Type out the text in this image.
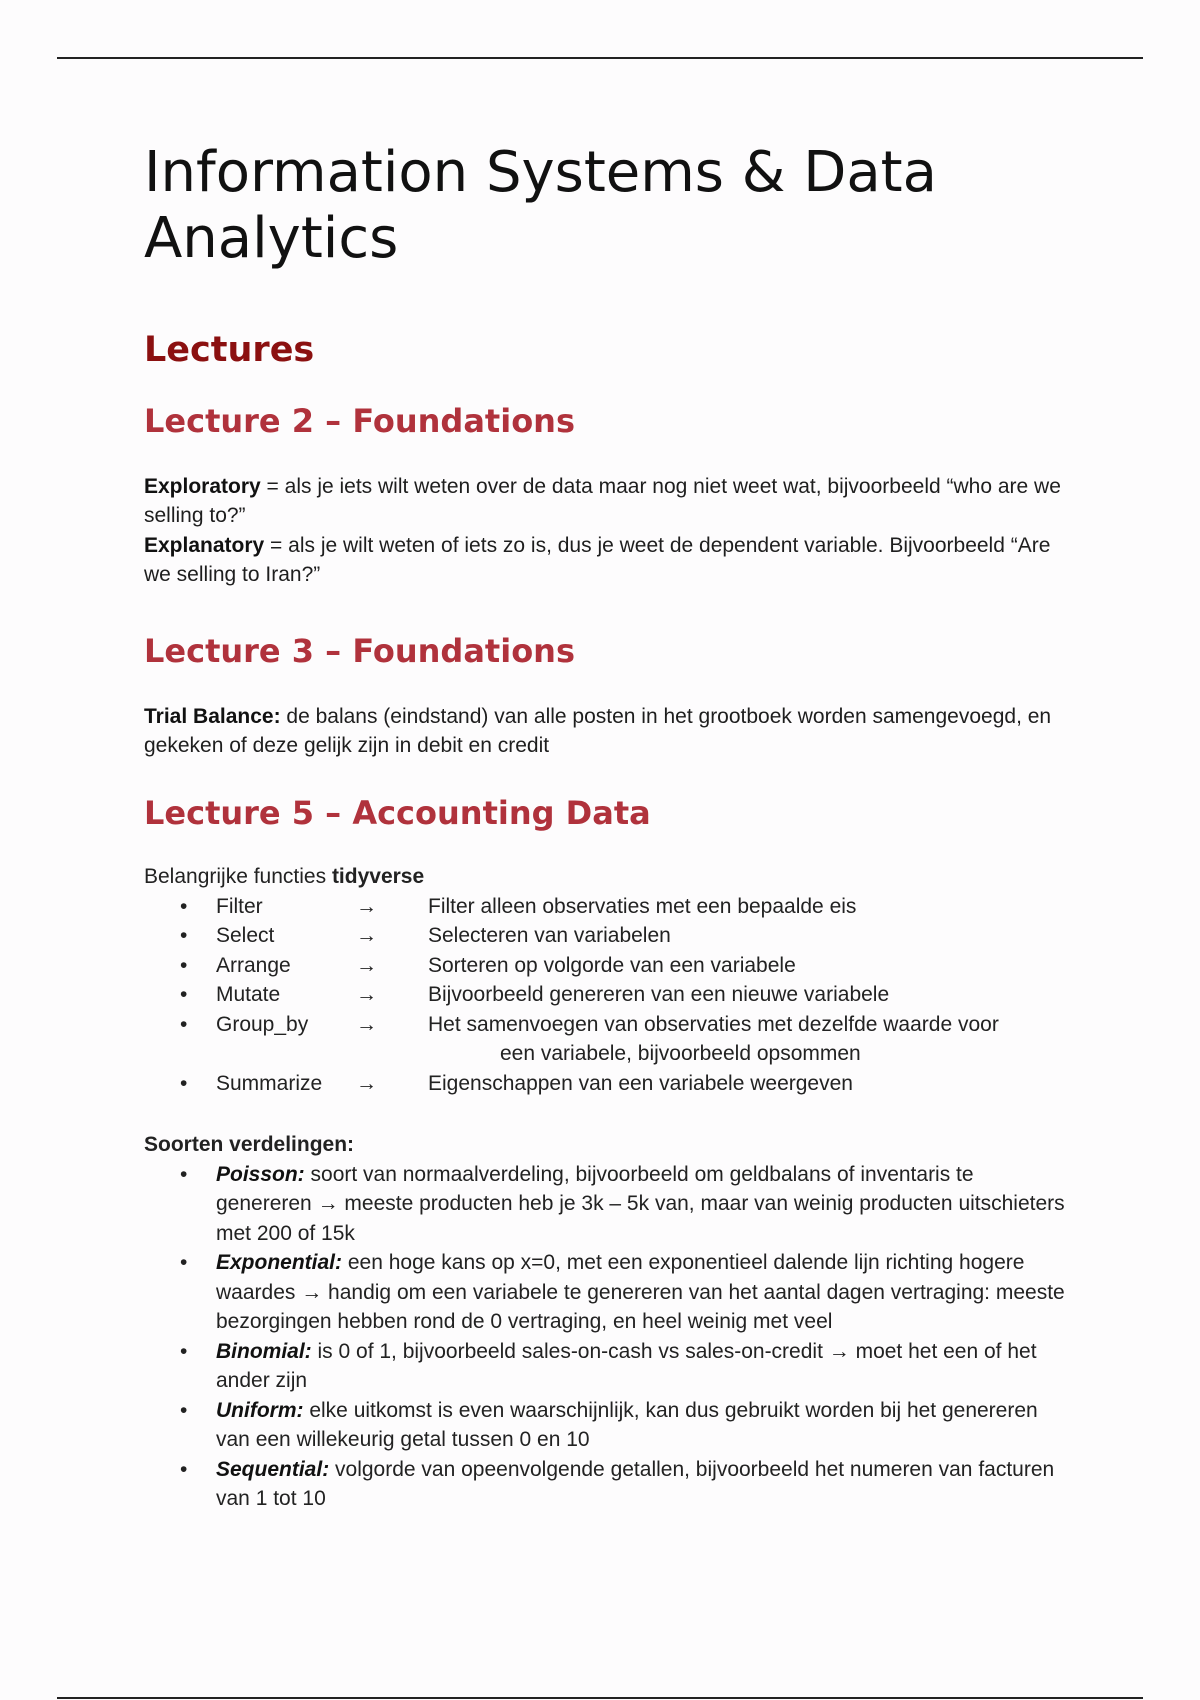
Information Systems & Data Analytics
Lectures
Lecture 2 – Foundations

Exploratory = als je iets wilt weten over de data maar nog niet weet wat, bijvoorbeeld “who are we selling to?”

Explanatory = als je wilt weten of iets zo is, dus je weet de dependent variable. Bijvoorbeeld “Are we selling to Iran?”

Lecture 3 – Foundations

Trial Balance: de balans (eindstand) van alle posten in het grootboek worden samengevoegd, en gekeken of deze gelijk zijn in debit en credit

Lecture 5 – Accounting Data
Belangrijke functies tidyverse
•	Filter	→	Filter alleen observaties met een bepaalde eis
•	Select	→	Selecteren van variabelen
•	Arrange	→	Sorteren op volgorde van een variabele
•	Mutate	→	Bijvoorbeeld genereren van een nieuwe variabele
•	Group_by	→	Het samenvoegen van observaties met dezelfde waarde voor
een variabele, bijvoorbeeld opsommen
•	Summarize	→	Eigenschappen van een variabele weergeven
Soorten verdelingen:
•	Poisson: soort van normaalverdeling, bijvoorbeeld om geldbalans of inventaris te genereren → meeste producten heb je 3k – 5k van, maar van weinig producten uitschieters met 200 of 15k
•	Exponential: een hoge kans op x=0, met een exponentieel dalende lijn richting hogere waardes → handig om een variabele te genereren van het aantal dagen vertraging: meeste bezorgingen hebben rond de 0 vertraging, en heel weinig met veel
•	Binomial: is 0 of 1, bijvoorbeeld sales-on-cash vs sales-on-credit → moet het een of het ander zijn
•	Uniform: elke uitkomst is even waarschijnlijk, kan dus gebruikt worden bij het genereren van een willekeurig getal tussen 0 en 10
•	Sequential: volgorde van opeenvolgende getallen, bijvoorbeeld het numeren van facturen van 1 tot 10
